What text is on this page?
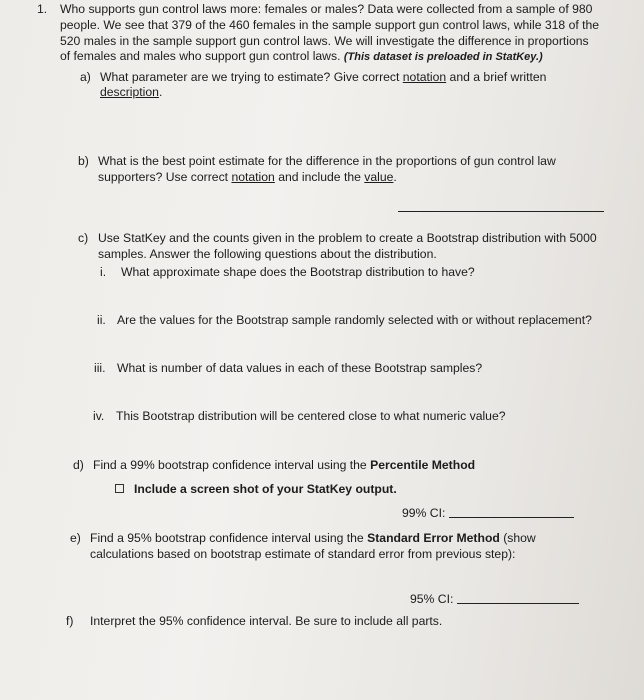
1. Who supports gun control laws more: females or males? Data were collected from a sample of 980
people. We see that 379 of the 460 females in the sample support gun control laws, while 318 of the
520 males in the sample support gun control laws. We will investigate the difference in proportions
of females and males who support gun control laws. (This dataset is preloaded in StatKey.)
a) What parameter are we trying to estimate? Give correct notation and a brief written
description.
b) What is the best point estimate for the difference in the proportions of gun control law
supporters? Use correct notation and include the value.
c) Use StatKey and the counts given in the problem to create a Bootstrap distribution with 5000
samples. Answer the following questions about the distribution.
i. What approximate shape does the Bootstrap distribution to have?
ii. Are the values for the Bootstrap sample randomly selected with or without replacement?
iii. What is number of data values in each of these Bootstrap samples?
iv. This Bootstrap distribution will be centered close to what numeric value?
d) Find a 99% bootstrap confidence interval using the Percentile Method
Include a screen shot of your StatKey output.
99% CI:
e) Find a 95% bootstrap confidence interval using the Standard Error Method (show
calculations based on bootstrap estimate of standard error from previous step):
95% CI:
f) Interpret the 95% confidence interval. Be sure to include all parts.
